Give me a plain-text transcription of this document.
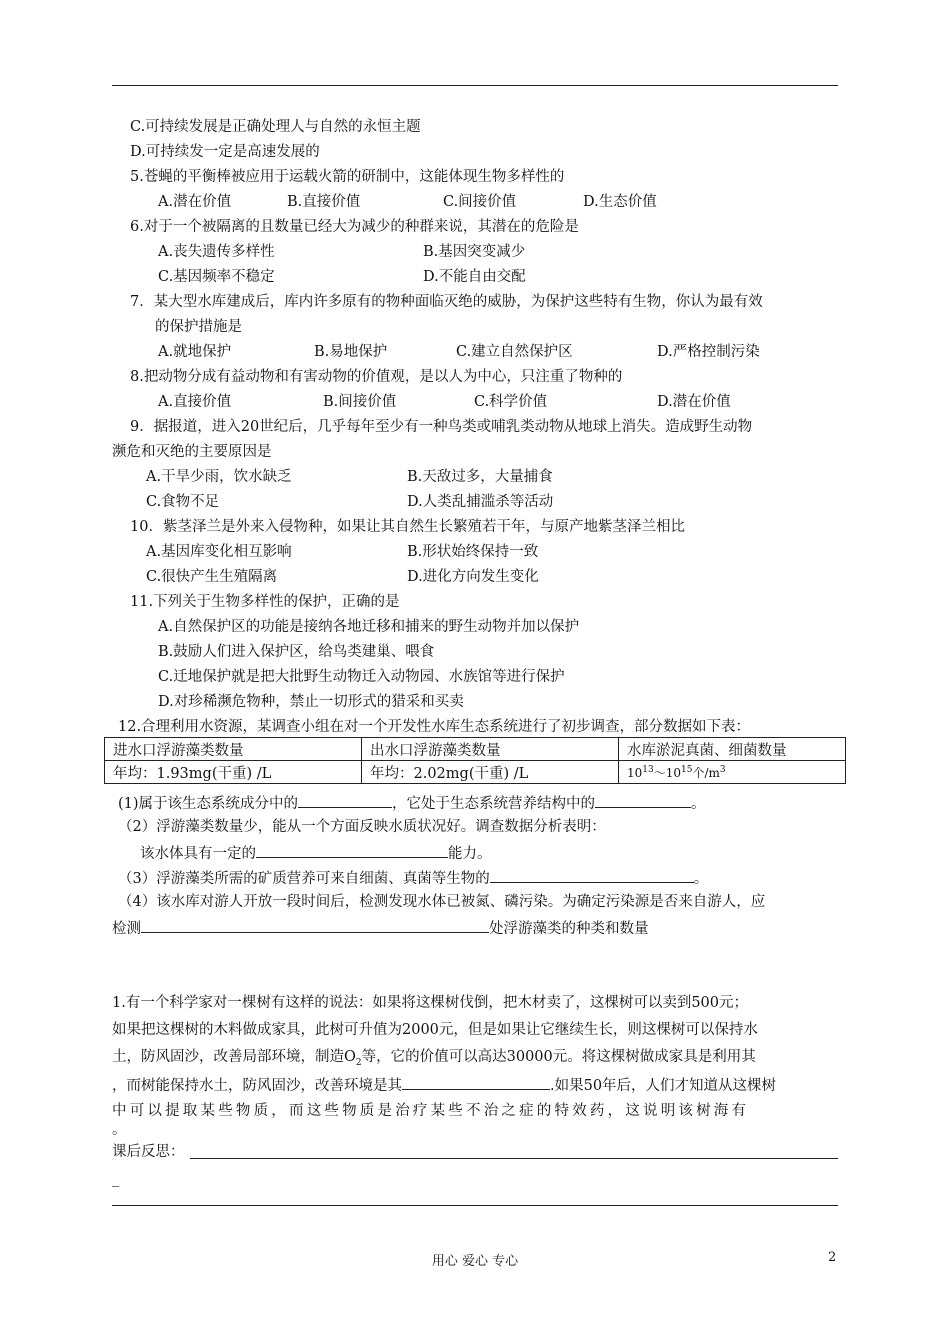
C.可持续发展是正确处理人与自然的永恒主题
D.可持续发一定是高速发展的
5.苍蝇的平衡棒被应用于运载火箭的研制中，这能体现生物多样性的
A.潜在价值	B.直接价值	C.间接价值	D.生态价值
6.对于一个被隔离的且数量已经大为减少的种群来说，其潜在的危险是
A.丧失遗传多样性	B.基因突变减少
C.基因频率不稳定	D.不能自由交配
7．某大型水库建成后，库内许多原有的物种面临灭绝的威胁，为保护这些特有生物，你认为最有效
的保护措施是
A.就地保护	B.易地保护	C.建立自然保护区	D.严格控制污染
8.把动物分成有益动物和有害动物的价值观，是以人为中心，只注重了物种的
A.直接价值	B.间接价值	C.科学价值	D.潜在价值
9．据报道，进入20世纪后，几乎每年至少有一种鸟类或哺乳类动物从地球上消失。造成野生动物
濒危和灭绝的主要原因是
A.干旱少雨，饮水缺乏	B.天敌过多，大量捕食
C.食物不足	D.人类乱捕滥杀等活动
10．紫茎泽兰是外来入侵物种，如果让其自然生长繁殖若干年，与原产地紫茎泽兰相比
A.基因库变化相互影响	B.形状始终保持一致
C.很快产生生殖隔离	D.进化方向发生变化
11.下列关于生物多样性的保护，正确的是
A.自然保护区的功能是接纳各地迁移和捕来的野生动物并加以保护
B.鼓励人们进入保护区，给鸟类建巢、喂食
C.迁地保护就是把大批野生动物迁入动物园、水族馆等进行保护
D.对珍稀濒危物种，禁止一切形式的猎采和买卖
12.合理利用水资源，某调查小组在对一个开发性水库生态系统进行了初步调查，部分数据如下表：
进水口浮游藻类数量	出水口浮游藻类数量	水库淤泥真菌、细菌数量
年均：1.93mg(干重) /L	年均：2.02mg(干重) /L	$10^{13}\sim 10^{15}$个$/m^3$
(1)属于该生态系统成分中的	，它处于生态系统营养结构中的	。
（2）浮游藻类数量少，能从一个方面反映水质状况好。调查数据分析表明：
该水体具有一定的	能力。
（3）浮游藻类所需的矿质营养可来自细菌、真菌等生物的	。
（4）该水库对游人开放一段时间后，检测发现水体已被氮、磷污染。为确定污染源是否来自游人，应
检测	处浮游藻类的种类和数量
1.有一个科学家对一棵树有这样的说法：如果将这棵树伐倒，把木材卖了，这棵树可以卖到500元；
如果把这棵树的木料做成家具，此树可升值为2000元，但是如果让它继续生长，则这棵树可以保持水
土，防风固沙，改善局部环境，制造$O_2$等，它的价值可以高达30000元。将这棵树做成家具是利用其
，而树能保持水土，防风固沙，改善环境是其	.如果50年后，人们才知道从这棵树
中可以提取某些物质，而这些物质是治疗某些不治之症的特效药，这说明该树海有
。
课后反思：
_
用心 爱心 专心	2
